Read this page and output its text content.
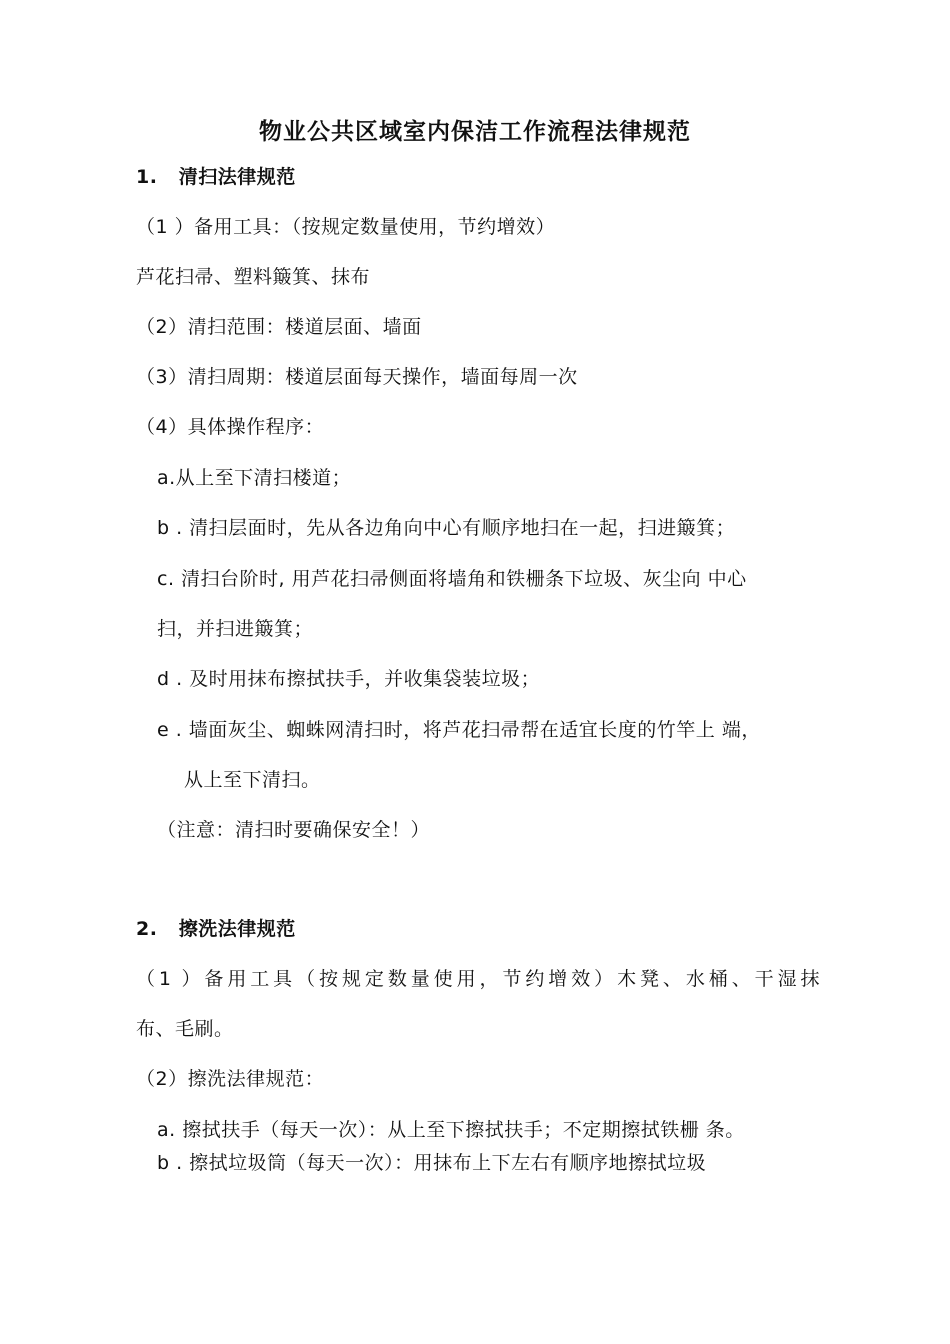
物业公共区域室内保洁工作流程法律规范
1.   清扫法律规范
（1 ）备用工具：（按规定数量使用，节约增效）
芦花扫帚、塑料簸箕、抹布
（2）清扫范围：楼道层面、墙面
（3）清扫周期：楼道层面每天操作，墙面每周一次
（4）具体操作程序：
a.从上至下清扫楼道；
b . 清扫层面时，先从各边角向中心有顺序地扫在一起，扫进簸箕；
c. 清扫台阶时, 用芦花扫帚侧面将墙角和铁栅条下垃圾、灰尘向 中心
扫，并扫进簸箕；
d . 及时用抹布擦拭扶手，并收集袋装垃圾；
e . 墙面灰尘、蜘蛛网清扫时，将芦花扫帚帮在适宜长度的竹竿上 端，
从上至下清扫。
（注意：清扫时要确保安全！）
2.   擦洗法律规范
（1 ）备用工具（按规定数量使用，节约增效）木凳、水桶、干湿抹
布、毛刷。
（2）擦洗法律规范：
a. 擦拭扶手（每天一次）：从上至下擦拭扶手；不定期擦拭铁栅 条。
b . 擦拭垃圾筒（每天一次）：用抹布上下左右有顺序地擦拭垃圾
